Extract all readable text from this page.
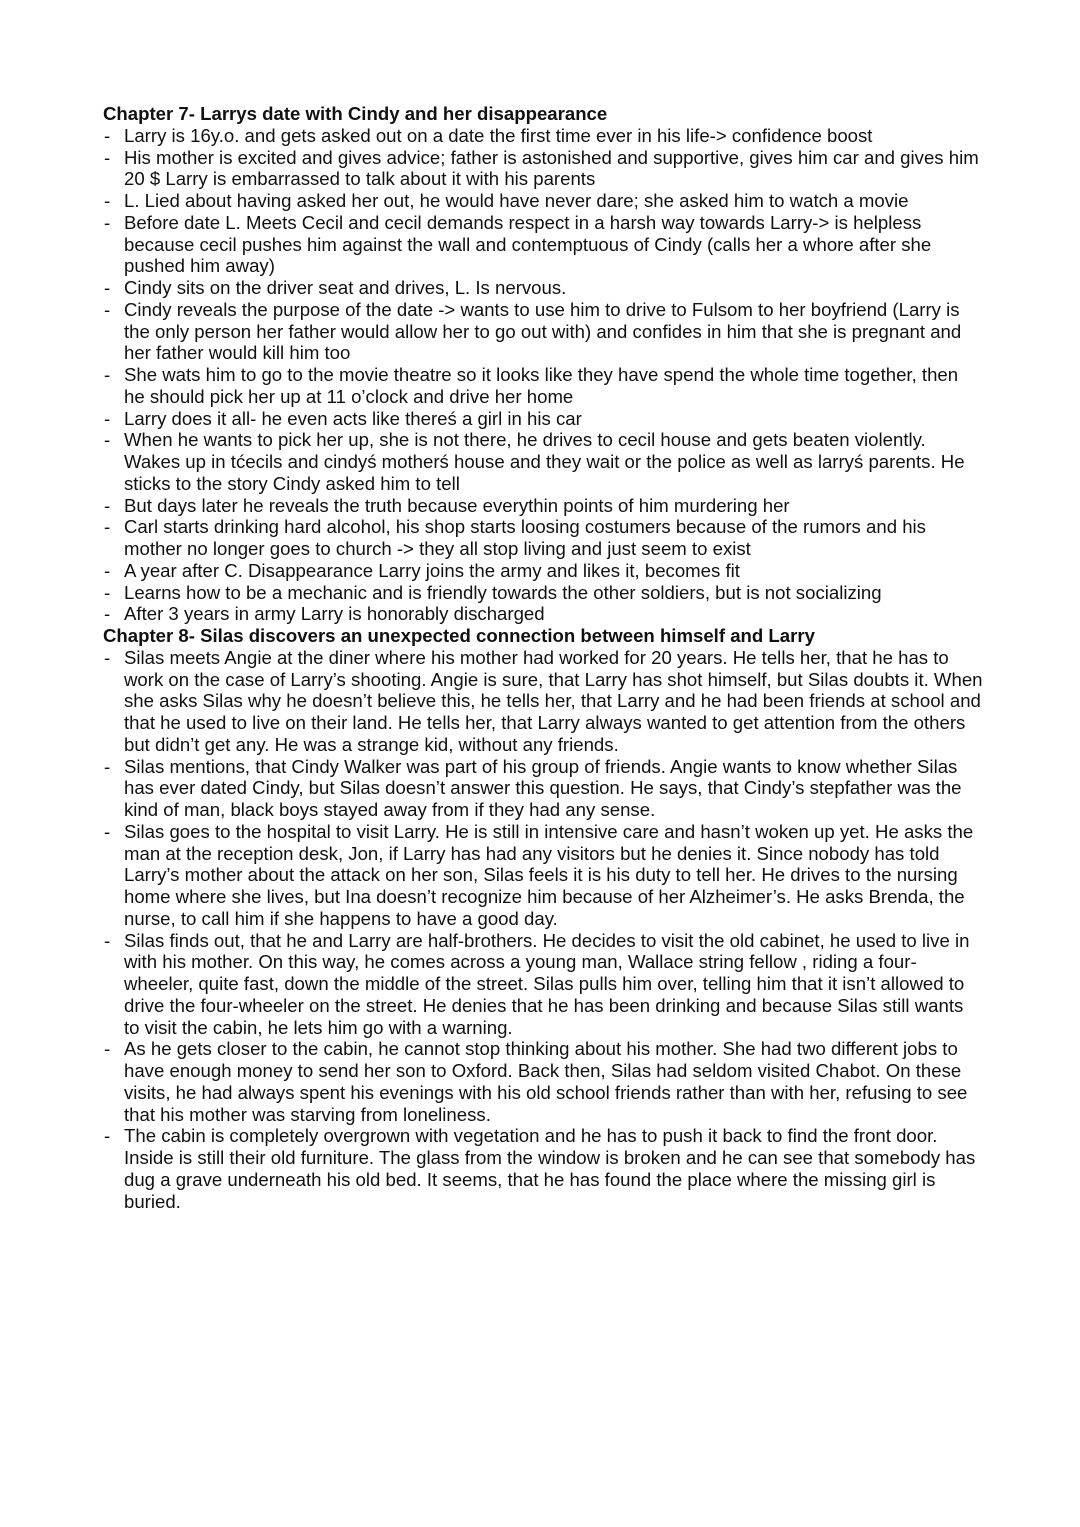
Chapter 7- Larrys date with Cindy and her disappearance
- Larry is 16y.o. and gets asked out on a date the first time ever in his life-> confidence boost
- His mother is excited and gives advice; father is astonished and supportive, gives him car and gives him 20 $ Larry is embarrassed to talk about it with his parents
- L. Lied about having asked her out, he would have never dare; she asked him to watch a movie
- Before date L. Meets Cecil and cecil demands respect in a harsh way towards Larry-> is helpless because cecil pushes him against the wall and contemptuous of Cindy (calls her a whore after she pushed him away)
- Cindy sits on the driver seat and drives, L. Is nervous.
- Cindy reveals the purpose of the date -> wants to use him to drive to Fulsom to her boyfriend (Larry is the only person her father would allow her to go out with) and confides in him that she is pregnant and her father would kill him too
- She wats him to go to the movie theatre so it looks like they have spend the whole time together, then he should pick her up at 11 o’clock and drive her home
- Larry does it all- he even acts like thereś a girl in his car
- When he wants to pick her up, she is not there, he drives to cecil house and gets beaten violently. Wakes up in tćecils and cindyś motherś house and they wait or the police as well as larryś parents. He sticks to the story Cindy asked him to tell
- But days later he reveals the truth because everythin points of him murdering her
- Carl starts drinking hard alcohol, his shop starts loosing costumers because of the rumors and his mother no longer goes to church -> they all stop living and just seem to exist
- A year after C. Disappearance Larry joins the army and likes it, becomes fit
- Learns how to be a mechanic and is friendly towards the other soldiers, but is not socializing
- After 3 years in army Larry is honorably discharged
Chapter 8- Silas discovers an unexpected connection between himself and Larry
- Silas meets Angie at the diner where his mother had worked for 20 years. He tells her, that he has to work on the case of Larry’s shooting. Angie is sure, that Larry has shot himself, but Silas doubts it. When she asks Silas why he doesn’t believe this, he tells her, that Larry and he had been friends at school and that he used to live on their land. He tells her, that Larry always wanted to get attention from the others but didn’t get any. He was a strange kid, without any friends.
- Silas mentions, that Cindy Walker was part of his group of friends. Angie wants to know whether Silas has ever dated Cindy, but Silas doesn’t answer this question. He says, that Cindy’s stepfather was the kind of man, black boys stayed away from if they had any sense.
- Silas goes to the hospital to visit Larry. He is still in intensive care and hasn’t woken up yet. He asks the man at the reception desk, Jon, if Larry has had any visitors but he denies it. Since nobody has told Larry’s mother about the attack on her son, Silas feels it is his duty to tell her. He drives to the nursing home where she lives, but Ina doesn’t recognize him because of her Alzheimer’s. He asks Brenda, the nurse, to call him if she happens to have a good day.
- Silas finds out, that he and Larry are half-brothers. He decides to visit the old cabinet, he used to live in with his mother. On this way, he comes across a young man, Wallace string fellow , riding a four-wheeler, quite fast, down the middle of the street. Silas pulls him over, telling him that it isn’t allowed to drive the four-wheeler on the street. He denies that he has been drinking and because Silas still wants to visit the cabin, he lets him go with a warning.
- As he gets closer to the cabin, he cannot stop thinking about his mother. She had two different jobs to have enough money to send her son to Oxford. Back then, Silas had seldom visited Chabot. On these visits, he had always spent his evenings with his old school friends rather than with her, refusing to see that his mother was starving from loneliness.
- The cabin is completely overgrown with vegetation and he has to push it back to find the front door. Inside is still their old furniture. The glass from the window is broken and he can see that somebody has dug a grave underneath his old bed. It seems, that he has found the place where the missing girl is buried.
